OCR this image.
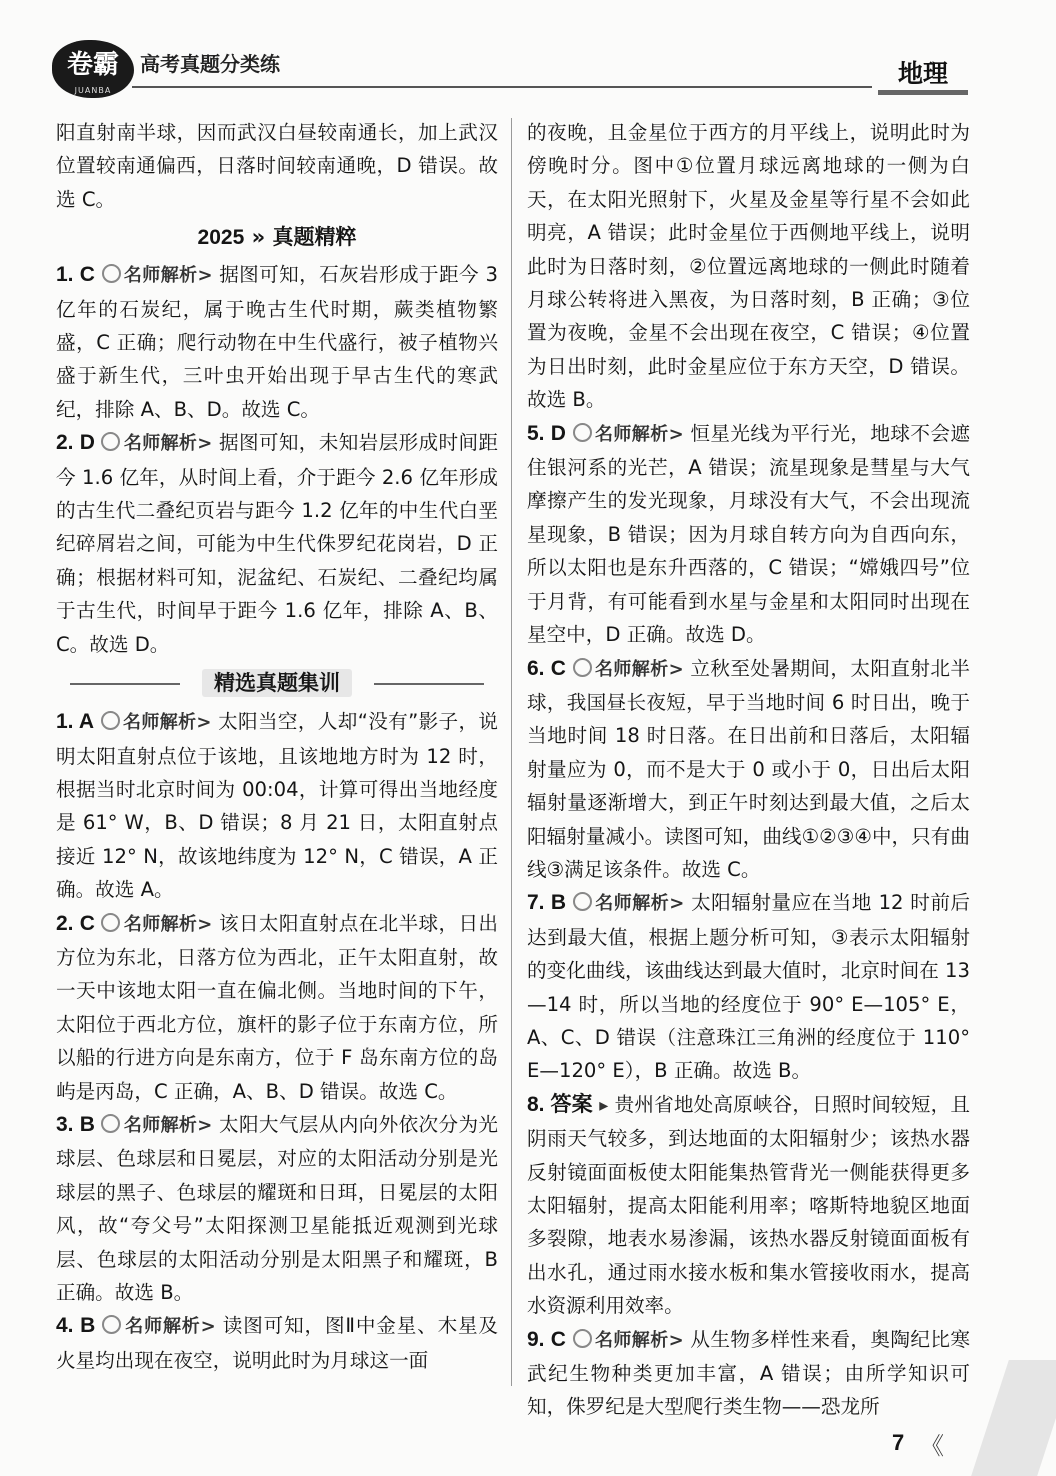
卷霸
JUANBA
高考真题分类练	地理

阳直射南半球，因而武汉白昼较南通长，加上武汉位置较南通偏西，日落时间较南通晚，D 错误。故选 C。

2025 » 真题精粹

1. C 名师解析> 据图可知，石灰岩形成于距今 3 亿年的石炭纪，属于晚古生代时期，蕨类植物繁盛，C 正确；爬行动物在中生代盛行，被子植物兴盛于新生代，三叶虫开始出现于早古生代的寒武纪，排除 A、B、D。故选 C。

2. D 名师解析> 据图可知，未知岩层形成时间距今 1.6 亿年，从时间上看，介于距今 2.6 亿年形成的古生代二叠纪页岩与距今 1.2 亿年的中生代白垩纪碎屑岩之间，可能为中生代侏罗纪花岗岩，D 正确；根据材料可知，泥盆纪、石炭纪、二叠纪均属于古生代，时间早于距今 1.6 亿年，排除 A、B、C。故选 D。

精选真题集训

1. A 名师解析> 太阳当空，人却“没有”影子，说明太阳直射点位于该地，且该地地方时为 12 时，根据当时北京时间为 00:04，计算可得出当地经度是 61° W，B、D 错误；8 月 21 日，太阳直射点接近 12° N，故该地纬度为 12° N，C 错误，A 正确。故选 A。

2. C 名师解析> 该日太阳直射点在北半球，日出方位为东北，日落方位为西北，正午太阳直射，故一天中该地太阳一直在偏北侧。当地时间的下午，太阳位于西北方位，旗杆的影子位于东南方位，所以船的行进方向是东南方，位于 F 岛东南方位的岛屿是丙岛，C 正确，A、B、D 错误。故选 C。

3. B 名师解析> 太阳大气层从内向外依次分为光球层、色球层和日冕层，对应的太阳活动分别是光球层的黑子、色球层的耀斑和日珥，日冕层的太阳风，故“夸父号”太阳探测卫星能抵近观测到光球层、色球层的太阳活动分别是太阳黑子和耀斑，B 正确。故选 B。

4. B 名师解析> 读图可知，图Ⅱ中金星、木星及火星均出现在夜空，说明此时为月球这一面

的夜晚，且金星位于西方的月平线上，说明此时为傍晚时分。图中①位置月球远离地球的一侧为白天，在太阳光照射下，火星及金星等行星不会如此明亮，A 错误；此时金星位于西侧地平线上，说明此时为日落时刻，②位置远离地球的一侧此时随着月球公转将进入黑夜，为日落时刻，B 正确；③位置为夜晚，金星不会出现在夜空，C 错误；④位置为日出时刻，此时金星应位于东方天空，D 错误。故选 B。

5. D 名师解析> 恒星光线为平行光，地球不会遮住银河系的光芒，A 错误；流星现象是彗星与大气摩擦产生的发光现象，月球没有大气，不会出现流星现象，B 错误；因为月球自转方向为自西向东，所以太阳也是东升西落的，C 错误；“嫦娥四号”位于月背，有可能看到水星与金星和太阳同时出现在星空中，D 正确。故选 D。

6. C 名师解析> 立秋至处暑期间，太阳直射北半球，我国昼长夜短，早于当地时间 6 时日出，晚于当地时间 18 时日落。在日出前和日落后，太阳辐射量应为 0，而不是大于 0 或小于 0，日出后太阳辐射量逐渐增大，到正午时刻达到最大值，之后太阳辐射量减小。读图可知，曲线①②③④中，只有曲线③满足该条件。故选 C。

7. B 名师解析> 太阳辐射量应在当地 12 时前后达到最大值，根据上题分析可知，③表示太阳辐射的变化曲线，该曲线达到最大值时，北京时间在 13—14 时，所以当地的经度位于 90° E—105° E，A、C、D 错误（注意珠江三角洲的经度位于 110° E—120° E），B 正确。故选 B。

8. 答案 ▸ 贵州省地处高原峡谷，日照时间较短，且阴雨天气较多，到达地面的太阳辐射少；该热水器反射镜面面板使太阳能集热管背光一侧能获得更多太阳辐射，提高太阳能利用率；喀斯特地貌区地面多裂隙，地表水易渗漏，该热水器反射镜面面板有出水孔，通过雨水接水板和集水管接收雨水，提高水资源利用效率。

9. C 名师解析> 从生物多样性来看，奥陶纪比寒武纪生物种类更加丰富，A 错误；由所学知识可知，侏罗纪是大型爬行类生物——恐龙所

7 《
